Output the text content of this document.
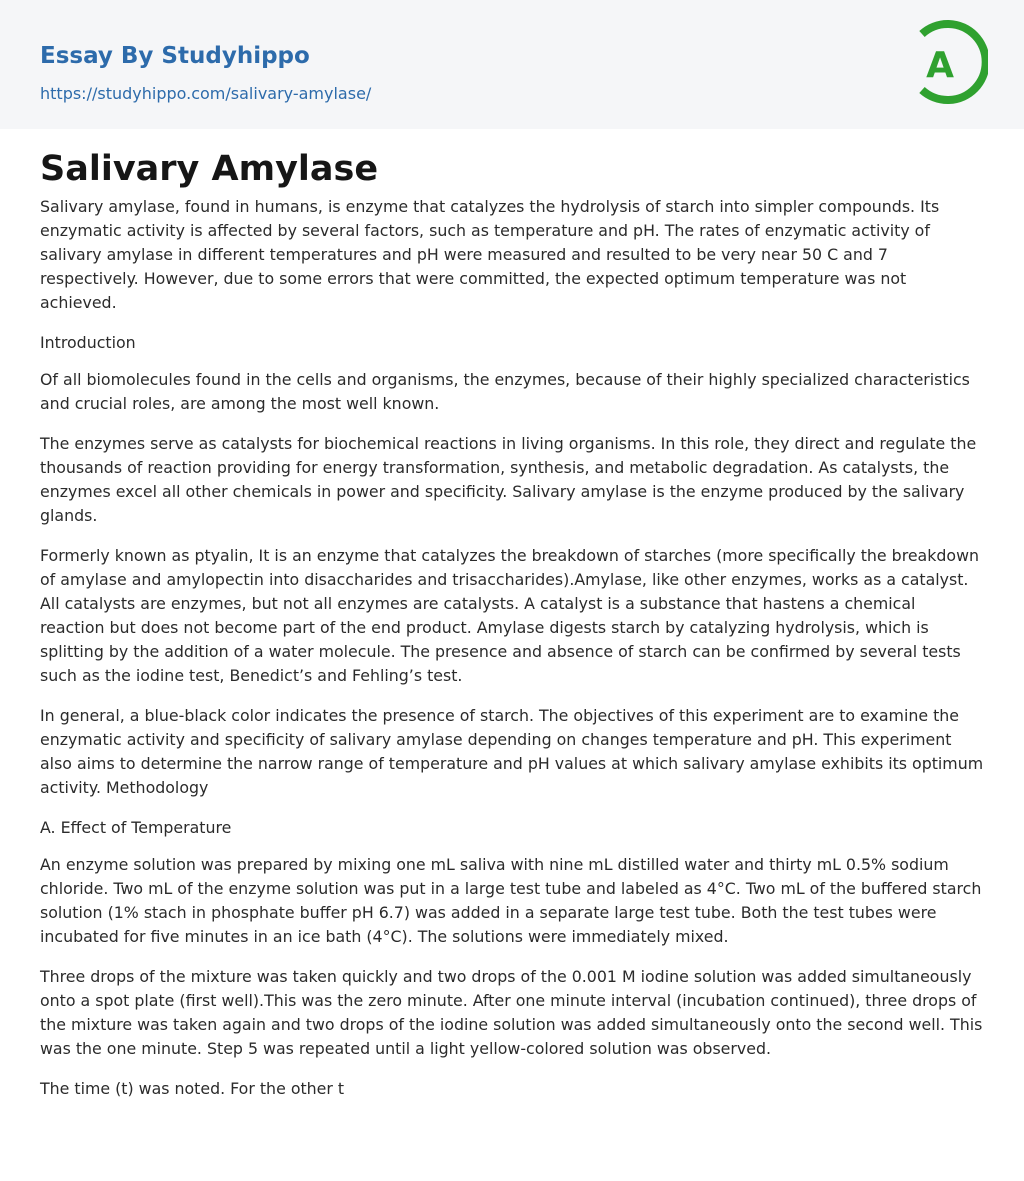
Essay By Studyhippo
https://studyhippo.com/salivary-amylase/
A
Salivary Amylase

Salivary amylase, found in humans, is enzyme that catalyzes the hydrolysis of starch into simpler compounds. Its enzymatic activity is affected by several factors, such as temperature and pH. The rates of enzymatic activity of salivary amylase in different temperatures and pH were measured and resulted to be very near 50 C and 7 respectively. However, due to some errors that were committed, the expected optimum temperature was not achieved.

Introduction

Of all biomolecules found in the cells and organisms, the enzymes, because of their highly specialized characteristics and crucial roles, are among the most well known.

The enzymes serve as catalysts for biochemical reactions in living organisms. In this role, they direct and regulate the thousands of reaction providing for energy transformation, synthesis, and metabolic degradation. As catalysts, the enzymes excel all other chemicals in power and specificity. Salivary amylase is the enzyme produced by the salivary glands.

Formerly known as ptyalin, It is an enzyme that catalyzes the breakdown of starches (more specifically the breakdown of amylase and amylopectin into disaccharides and trisaccharides).Amylase, like other enzymes, works as a catalyst. All catalysts are enzymes, but not all enzymes are catalysts. A catalyst is a substance that hastens a chemical reaction but does not become part of the end product. Amylase digests starch by catalyzing hydrolysis, which is splitting by the addition of a water molecule. The presence and absence of starch can be confirmed by several tests such as the iodine test, Benedict’s and Fehling’s test.

In general, a blue-black color indicates the presence of starch. The objectives of this experiment are to examine the enzymatic activity and specificity of salivary amylase depending on changes temperature and pH. This experiment also aims to determine the narrow range of temperature and pH values at which salivary amylase exhibits its optimum activity. Methodology

A. Effect of Temperature

An enzyme solution was prepared by mixing one mL saliva with nine mL distilled water and thirty mL 0.5% sodium chloride. Two mL of the enzyme solution was put in a large test tube and labeled as 4°C. Two mL of the buffered starch solution (1% stach in phosphate buffer pH 6.7) was added in a separate large test tube. Both the test tubes were incubated for five minutes in an ice bath (4°C). The solutions were immediately mixed.

Three drops of the mixture was taken quickly and two drops of the 0.001 M iodine solution was added simultaneously onto a spot plate (first well).This was the zero minute. After one minute interval (incubation continued), three drops of the mixture was taken again and two drops of the iodine solution was added simultaneously onto the second well. This was the one minute. Step 5 was repeated until a light yellow-colored solution was observed.

The time (t) was noted. For the other t
